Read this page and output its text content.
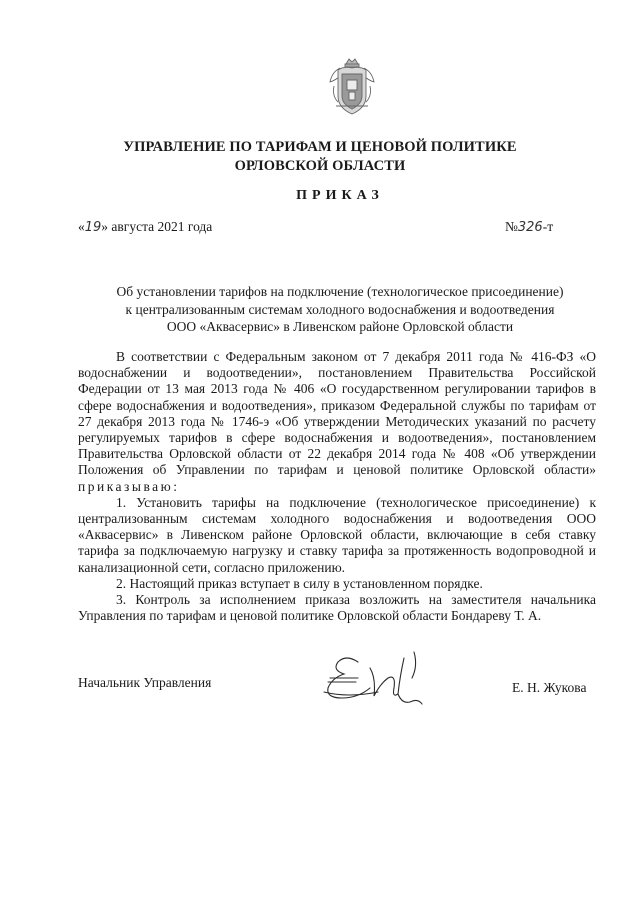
УПРАВЛЕНИЕ ПО ТАРИФАМ И ЦЕНОВОЙ ПОЛИТИКЕ
ОРЛОВСКОЙ ОБЛАСТИ
ПРИКАЗ
«19» августа 2021 года	№326-т
Об установлении тарифов на подключение (технологическое присоединение)
к централизованным системам холодного водоснабжения и водоотведения
ООО «Аквасервис» в Ливенском районе Орловской области

В соответствии с Федеральным законом от 7 декабря 2011 года № 416-ФЗ «О водоснабжении и водоотведении», постановлением Правительства Российской Федерации от 13 мая 2013 года № 406 «О государственном регулировании тарифов в сфере водоснабжения и водоотведения», приказом Федеральной службы по тарифам от 27 декабря 2013 года № 1746-э «Об утверждении Методических указаний по расчету регулируемых тарифов в сфере водоснабжения и водоотведения», постановлением Правительства Орловской области от 22 декабря 2014 года № 408 «Об утверждении Положения об Управлении по тарифам и ценовой политике Орловской области» приказываю:

1. Установить тарифы на подключение (технологическое присоединение) к централизованным системам холодного водоснабжения и водоотведения ООО «Аквасервис» в Ливенском районе Орловской области, включающие в себя ставку тарифа за подключаемую нагрузку и ставку тарифа за протяженность водопроводной и канализационной сети, согласно приложению.

2. Настоящий приказ вступает в силу в установленном порядке.

3. Контроль за исполнением приказа возложить на заместителя начальника Управления по тарифам и ценовой политике Орловской области Бондареву Т. А.

Начальник Управления	Е. Н. Жукова
